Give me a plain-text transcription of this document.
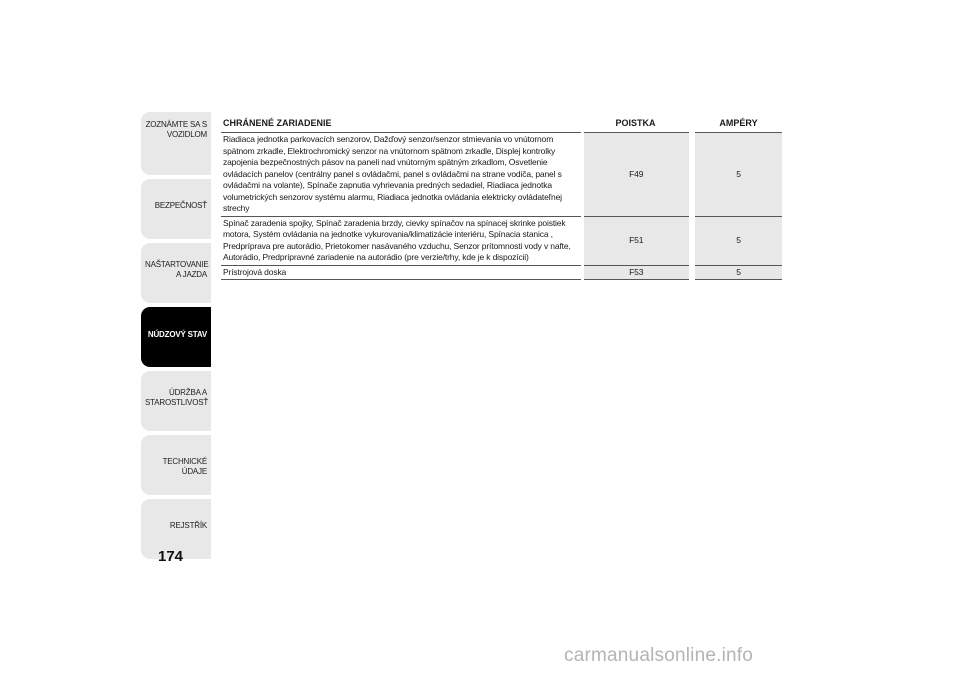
ZOZNÁMTE SA S VOZIDLOM
BEZPEČNOSŤ
NAŠTARTOVANIE A JAZDA
NÚDZOVÝ STAV
ÚDRŽBA A STAROSTLIVOSŤ
TECHNICKÉ ÚDAJE
REJSTŘÍK
174
CHRÁNENÉ ZARIADENIE	POISTKA	AMPÉRY
Riadiaca jednotka parkovacích senzorov, Dažďový senzor/senzor stmievania vo vnútornom spätnom zrkadle, Elektrochromický senzor na vnútornom spätnom zrkadle, Displej kontrolky zapojenia bezpečnostných pásov na paneli nad vnútorným spätným zrkadlom, Osvetlenie ovládacích panelov (centrálny panel s ovládačmi, panel s ovládačmi na strane vodiča, panel s ovládačmi na volante), Spínače zapnutia vyhrievania predných sedadiel, Riadiaca jednotka volumetrických senzorov systému alarmu, Riadiaca jednotka ovládania elektricky ovládateľnej strechy	F49	5
Spínač zaradenia spojky, Spínač zaradenia brzdy, cievky spínačov na spínacej skrinke poistiek motora, Systém ovládania na jednotke vykurovania/klimatizácie interiéru, Spínacia stanica , Predpríprava pre autorádio, Prietokomer nasávaného vzduchu, Senzor prítomnosti vody v nafte, Autorádio, Predprípravné zariadenie na autorádio (pre verzie/trhy, kde je k dispozícii)	F51	5
Prístrojová doska	F53	5
carmanualsonline.info
